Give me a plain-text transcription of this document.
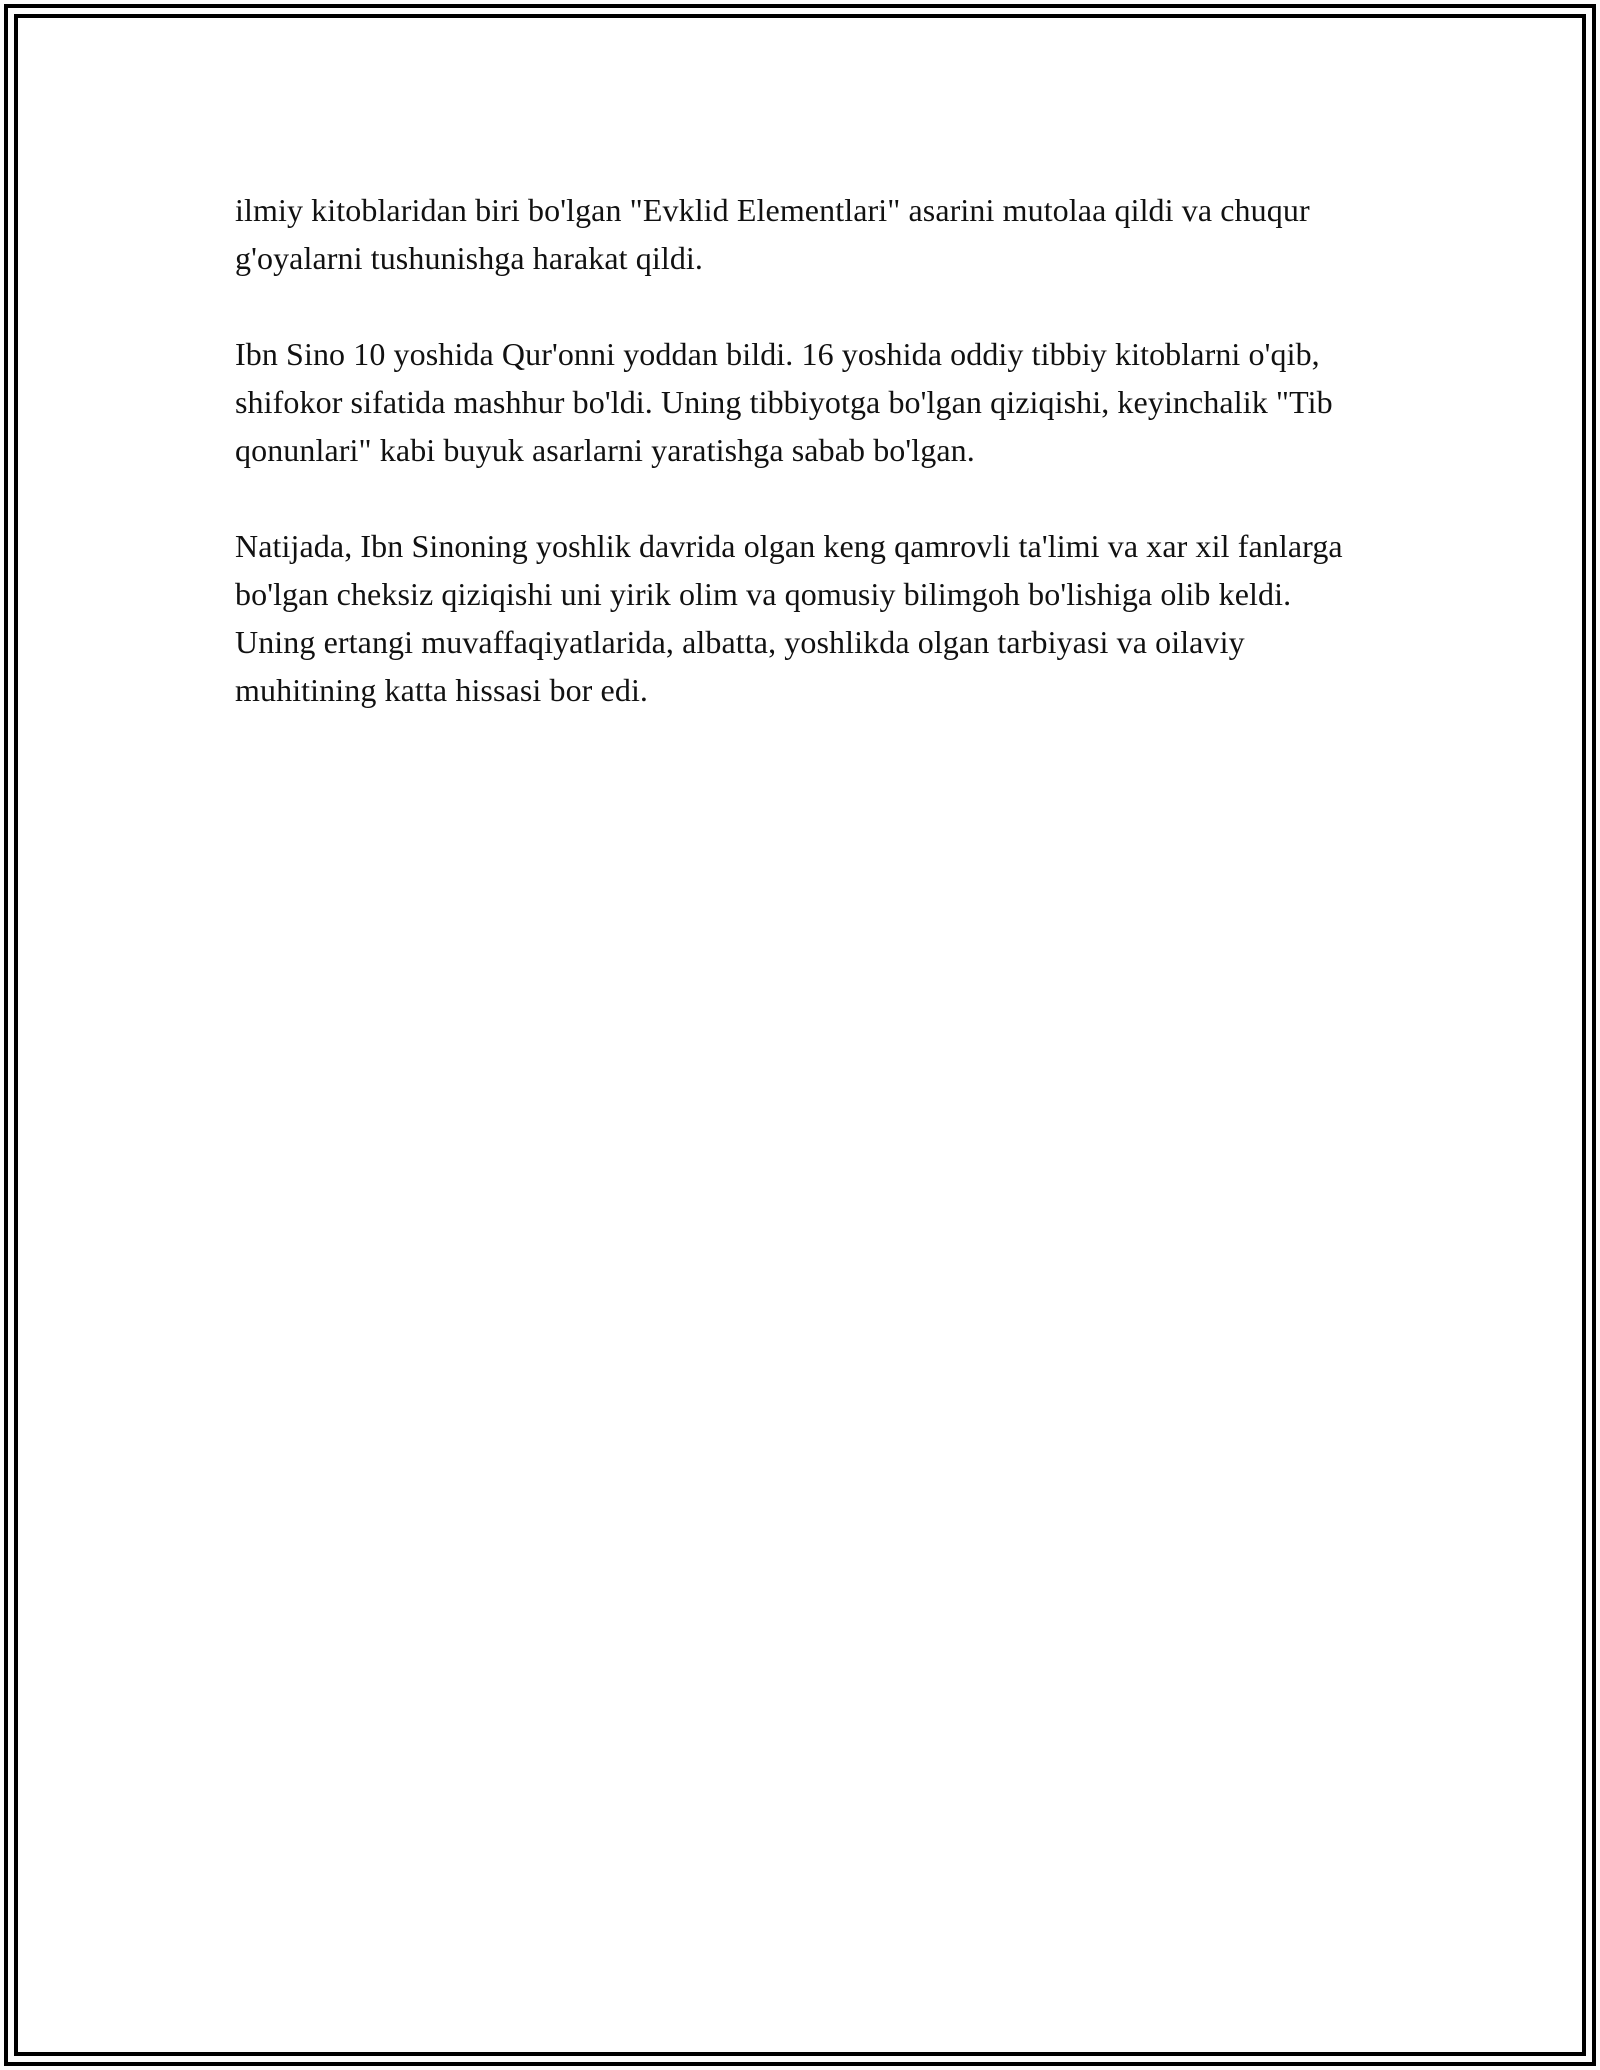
ilmiy kitoblaridan biri bo'lgan "Evklid Elementlari" asarini mutolaa qildi va chuqur g'oyalarni tushunishga harakat qildi.

Ibn Sino 10 yoshida Qur'onni yoddan bildi. 16 yoshida oddiy tibbiy kitoblarni o'qib, shifokor sifatida mashhur bo'ldi. Uning tibbiyotga bo'lgan qiziqishi, keyinchalik "Tib qonunlari" kabi buyuk asarlarni yaratishga sabab bo'lgan.

Natijada, Ibn Sinoning yoshlik davrida olgan keng qamrovli ta'limi va xar xil fanlarga bo'lgan cheksiz qiziqishi uni yirik olim va qomusiy bilimgoh bo'lishiga olib keldi. Uning ertangi muvaffaqiyatlarida, albatta, yoshlikda olgan tarbiyasi va oilaviy muhitining katta hissasi bor edi.
